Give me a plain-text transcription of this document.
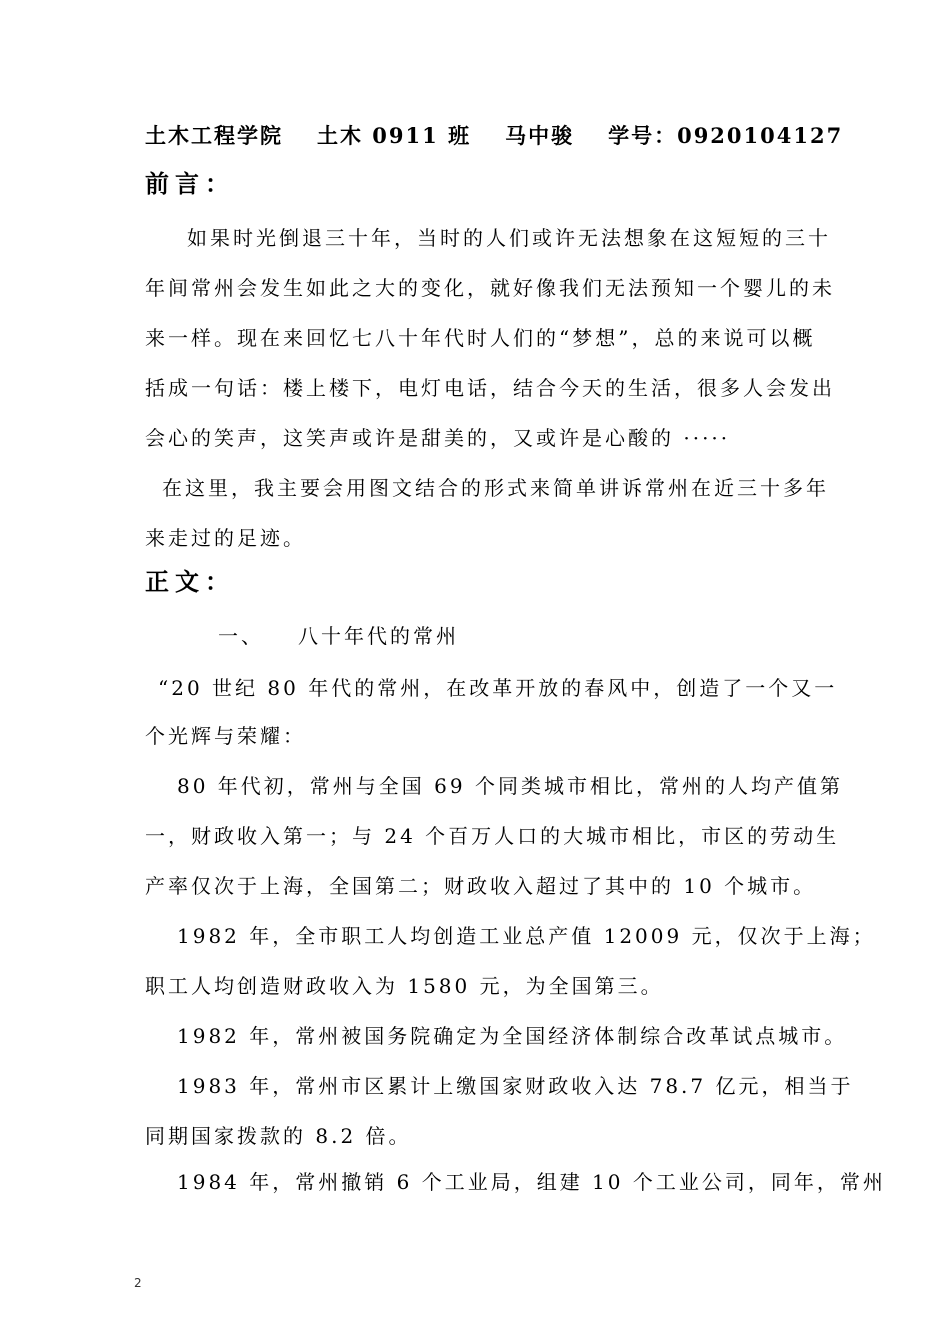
土木工程学院 土木 0911 班 马中骏 学号：0920104127
前言：
如果时光倒退三十年，当时的人们或许无法想象在这短短的三十
年间常州会发生如此之大的变化，就好像我们无法预知一个婴儿的未
来一样。现在来回忆七八十年代时人们的“梦想”，总的来说可以概
括成一句话：楼上楼下，电灯电话，结合今天的生活，很多人会发出
会心的笑声，这笑声或许是甜美的，又或许是心酸的 ·····
在这里，我主要会用图文结合的形式来简单讲诉常州在近三十多年
来走过的足迹。
正文：
一、 八十年代的常州
“20 世纪 80 年代的常州，在改革开放的春风中，创造了一个又一
个光辉与荣耀：
80 年代初，常州与全国 69 个同类城市相比，常州的人均产值第
一，财政收入第一；与 24 个百万人口的大城市相比，市区的劳动生
产率仅次于上海，全国第二；财政收入超过了其中的 10 个城市。
1982 年，全市职工人均创造工业总产值 12009 元，仅次于上海；
职工人均创造财政收入为 1580 元，为全国第三。
1982 年，常州被国务院确定为全国经济体制综合改革试点城市。
1983 年，常州市区累计上缴国家财政收入达 78.7 亿元，相当于
同期国家拨款的 8.2 倍。
1984 年，常州撤销 6 个工业局，组建 10 个工业公司，同年，常州
2
